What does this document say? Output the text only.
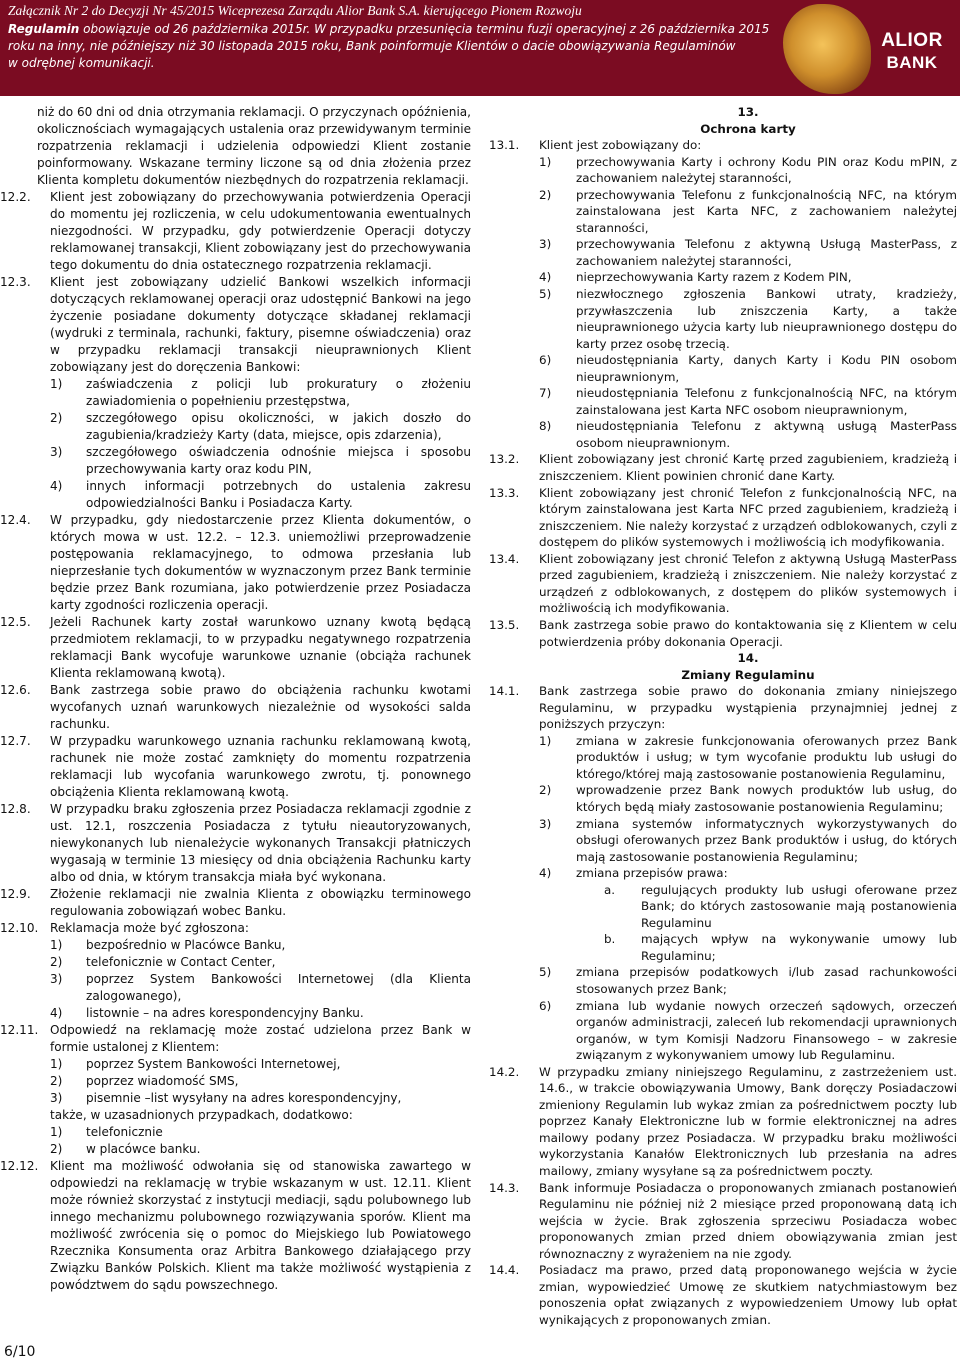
Załącznik Nr 2 do Decyzji Nr 45/2015 Wiceprezesa Zarządu Alior Bank S.A. kierującego Pionem Rozwoju
Regulamin obowiązuje od 26 października 2015r. W przypadku przesunięcia terminu fuzji operacyjnej z 26 października 2015
roku na inny, nie późniejszy niż 30 listopada 2015 roku, Bank poinformuje Klientów o dacie obowiązywania Regulaminów
w odrębnej komunikacji.
ALIOR
BANK
niż do 60 dni od dnia otrzymania reklamacji. O przyczynach opóźnienia, okolicznościach wymagających ustalenia oraz przewidywanym terminie rozpatrzenia reklamacji i udzielenia odpowiedzi Klient zostanie poinformowany. Wskazane terminy liczone są od dnia złożenia przez Klienta kompletu dokumentów niezbędnych do rozpatrzenia reklamacji.
12.2. Klient jest zobowiązany do przechowywania potwierdzenia Operacji do momentu jej rozliczenia, w celu udokumentowania ewentualnych niezgodności. W przypadku, gdy potwierdzenie Operacji dotyczy reklamowanej transakcji, Klient zobowiązany jest do przechowywania tego dokumentu do dnia ostatecznego rozpatrzenia reklamacji.
12.3. Klient jest zobowiązany udzielić Bankowi wszelkich informacji dotyczących reklamowanej operacji oraz udostępnić Bankowi na jego życzenie posiadane dokumenty dotyczące składanej reklamacji (wydruki z terminala, rachunki, faktury, pisemne oświadczenia) oraz w przypadku reklamacji transakcji nieuprawnionych Klient zobowiązany jest do doręczenia Bankowi:
1) zaświadczenia z policji lub prokuratury o złożeniu zawiadomienia o popełnieniu przestępstwa,
2) szczegółowego opisu okoliczności, w jakich doszło do zagubienia/kradzieży Karty (data, miejsce, opis zdarzenia),
3) szczegółowego oświadczenia odnośnie miejsca i sposobu przechowywania karty oraz kodu PIN,
4) innych informacji potrzebnych do ustalenia zakresu odpowiedzialności Banku i Posiadacza Karty.
12.4. W przypadku, gdy niedostarczenie przez Klienta dokumentów, o których mowa w ust. 12.2. – 12.3. uniemożliwi przeprowadzenie postępowania reklamacyjnego, to odmowa przesłania lub nieprzesłanie tych dokumentów w wyznaczonym przez Bank terminie będzie przez Bank rozumiana, jako potwierdzenie przez Posiadacza karty zgodności rozliczenia operacji.
12.5. Jeżeli Rachunek karty został warunkowo uznany kwotą będącą przedmiotem reklamacji, to w przypadku negatywnego rozpatrzenia reklamacji Bank wycofuje warunkowe uznanie (obciąża rachunek Klienta reklamowaną kwotą).
12.6. Bank zastrzega sobie prawo do obciążenia rachunku kwotami wycofanych uznań warunkowych niezależnie od wysokości salda rachunku.
12.7. W przypadku warunkowego uznania rachunku reklamowaną kwotą, rachunek nie może zostać zamknięty do momentu rozpatrzenia reklamacji lub wycofania warunkowego zwrotu, tj. ponownego obciążenia Klienta reklamowaną kwotą.
12.8. W przypadku braku zgłoszenia przez Posiadacza reklamacji zgodnie z ust. 12.1, roszczenia Posiadacza z tytułu nieautoryzowanych, niewykonanych lub nienależycie wykonanych Transakcji płatniczych wygasają w terminie 13 miesięcy od dnia obciążenia Rachunku karty albo od dnia, w którym transakcja miała być wykonana.
12.9. Złożenie reklamacji nie zwalnia Klienta z obowiązku terminowego regulowania zobowiązań wobec Banku.
12.10. Reklamacja może być zgłoszona:
1) bezpośrednio w Placówce Banku,
2) telefonicznie w Contact Center,
3) poprzez System Bankowości Internetowej (dla Klienta zalogowanego),
4) listownie – na adres korespondencyjny Banku.
12.11. Odpowiedź na reklamację może zostać udzielona przez Bank w formie ustalonej z Klientem:
1) poprzez System Bankowości Internetowej,
2) poprzez wiadomość SMS,
3) pisemnie –list wysyłany na adres korespondencyjny,
także, w uzasadnionych przypadkach, dodatkowo:
1) telefonicznie
2) w placówce banku.
12.12. Klient ma możliwość odwołania się od stanowiska zawartego w odpowiedzi na reklamację w trybie wskazanym w ust. 12.11. Klient może również skorzystać z instytucji mediacji, sądu polubownego lub innego mechanizmu polubownego rozwiązywania sporów. Klient ma możliwość zwrócenia się o pomoc do Miejskiego lub Powiatowego Rzecznika Konsumenta oraz Arbitra Bankowego działającego przy Związku Banków Polskich. Klient ma także możliwość wystąpienia z powództwem do sądu powszechnego.
13.
Ochrona karty
13.1. Klient jest zobowiązany do:
1) przechowywania Karty i ochrony Kodu PIN oraz Kodu mPIN, z zachowaniem należytej staranności,
2) przechowywania Telefonu z funkcjonalnością NFC, na którym zainstalowana jest Karta NFC, z zachowaniem należytej staranności,
3) przechowywania Telefonu z aktywną Usługą MasterPass, z zachowaniem należytej staranności,
4) nieprzechowywania Karty razem z Kodem PIN,
5) niezwłocznego zgłoszenia Bankowi utraty, kradzieży, przywłaszczenia lub zniszczenia Karty, a także nieuprawnionego użycia karty lub nieuprawnionego dostępu do karty przez osobę trzecią.
6) nieudostępniania Karty, danych Karty i Kodu PIN osobom nieuprawnionym,
7) nieudostępniania Telefonu z funkcjonalnością NFC, na którym zainstalowana jest Karta NFC osobom nieuprawnionym,
8) nieudostępniania Telefonu z aktywną usługą MasterPass osobom nieuprawnionym.
13.2. Klient zobowiązany jest chronić Kartę przed zagubieniem, kradzieżą i zniszczeniem. Klient powinien chronić dane Karty.
13.3. Klient zobowiązany jest chronić Telefon z funkcjonalnością NFC, na którym zainstalowana jest Karta NFC przed zagubieniem, kradzieżą i zniszczeniem. Nie należy korzystać z urządzeń odblokowanych, czyli z dostępem do plików systemowych i możliwością ich modyfikowania.
13.4. Klient zobowiązany jest chronić Telefon z aktywną Usługą MasterPass przed zagubieniem, kradzieżą i zniszczeniem. Nie należy korzystać z urządzeń z odblokowanych, z dostępem do plików systemowych i możliwością ich modyfikowania.
13.5. Bank zastrzega sobie prawo do kontaktowania się z Klientem w celu potwierdzenia próby dokonania Operacji.
14.
Zmiany Regulaminu
14.1. Bank zastrzega sobie prawo do dokonania zmiany niniejszego Regulaminu, w przypadku wystąpienia przynajmniej jednej z poniższych przyczyn:
1) zmiana w zakresie funkcjonowania oferowanych przez Bank produktów i usług; w tym wycofanie produktu lub usługi do którego/której mają zastosowanie postanowienia Regulaminu,
2) wprowadzenie przez Bank nowych produktów lub usług, do których będą miały zastosowanie postanowienia Regulaminu;
3) zmiana systemów informatycznych wykorzystywanych do obsługi oferowanych przez Bank produktów i usług, do których mają zastosowanie postanowienia Regulaminu;
4) zmiana przepisów prawa:
a. regulujących produkty lub usługi oferowane przez Bank; do których zastosowanie mają postanowienia Regulaminu
b. mających wpływ na wykonywanie umowy lub Regulaminu;
5) zmiana przepisów podatkowych i/lub zasad rachunkowości stosowanych przez Bank;
6) zmiana lub wydanie nowych orzeczeń sądowych, orzeczeń organów administracji, zaleceń lub rekomendacji uprawnionych organów, w tym Komisji Nadzoru Finansowego – w zakresie związanym z wykonywaniem umowy lub Regulaminu.
14.2. W przypadku zmiany niniejszego Regulaminu, z zastrzeżeniem ust. 14.6., w trakcie obowiązywania Umowy, Bank doręczy Posiadaczowi zmieniony Regulamin lub wykaz zmian za pośrednictwem poczty lub poprzez Kanały Elektroniczne lub w formie elektronicznej na adres mailowy podany przez Posiadacza. W przypadku braku możliwości wykorzystania Kanałów Elektronicznych lub przesłania na adres mailowy, zmiany wysyłane są za pośrednictwem poczty.
14.3. Bank informuje Posiadacza o proponowanych zmianach postanowień Regulaminu nie później niż 2 miesiące przed proponowaną datą ich wejścia w życie. Brak zgłoszenia sprzeciwu Posiadacza wobec proponowanych zmian przed dniem obowiązywania zmian jest równoznaczny z wyrażeniem na nie zgody.
14.4. Posiadacz ma prawo, przed datą proponowanego wejścia w życie zmian, wypowiedzieć Umowę ze skutkiem natychmiastowym bez ponoszenia opłat związanych z wypowiedzeniem Umowy lub opłat wynikających z proponowanych zmian.
6/10
